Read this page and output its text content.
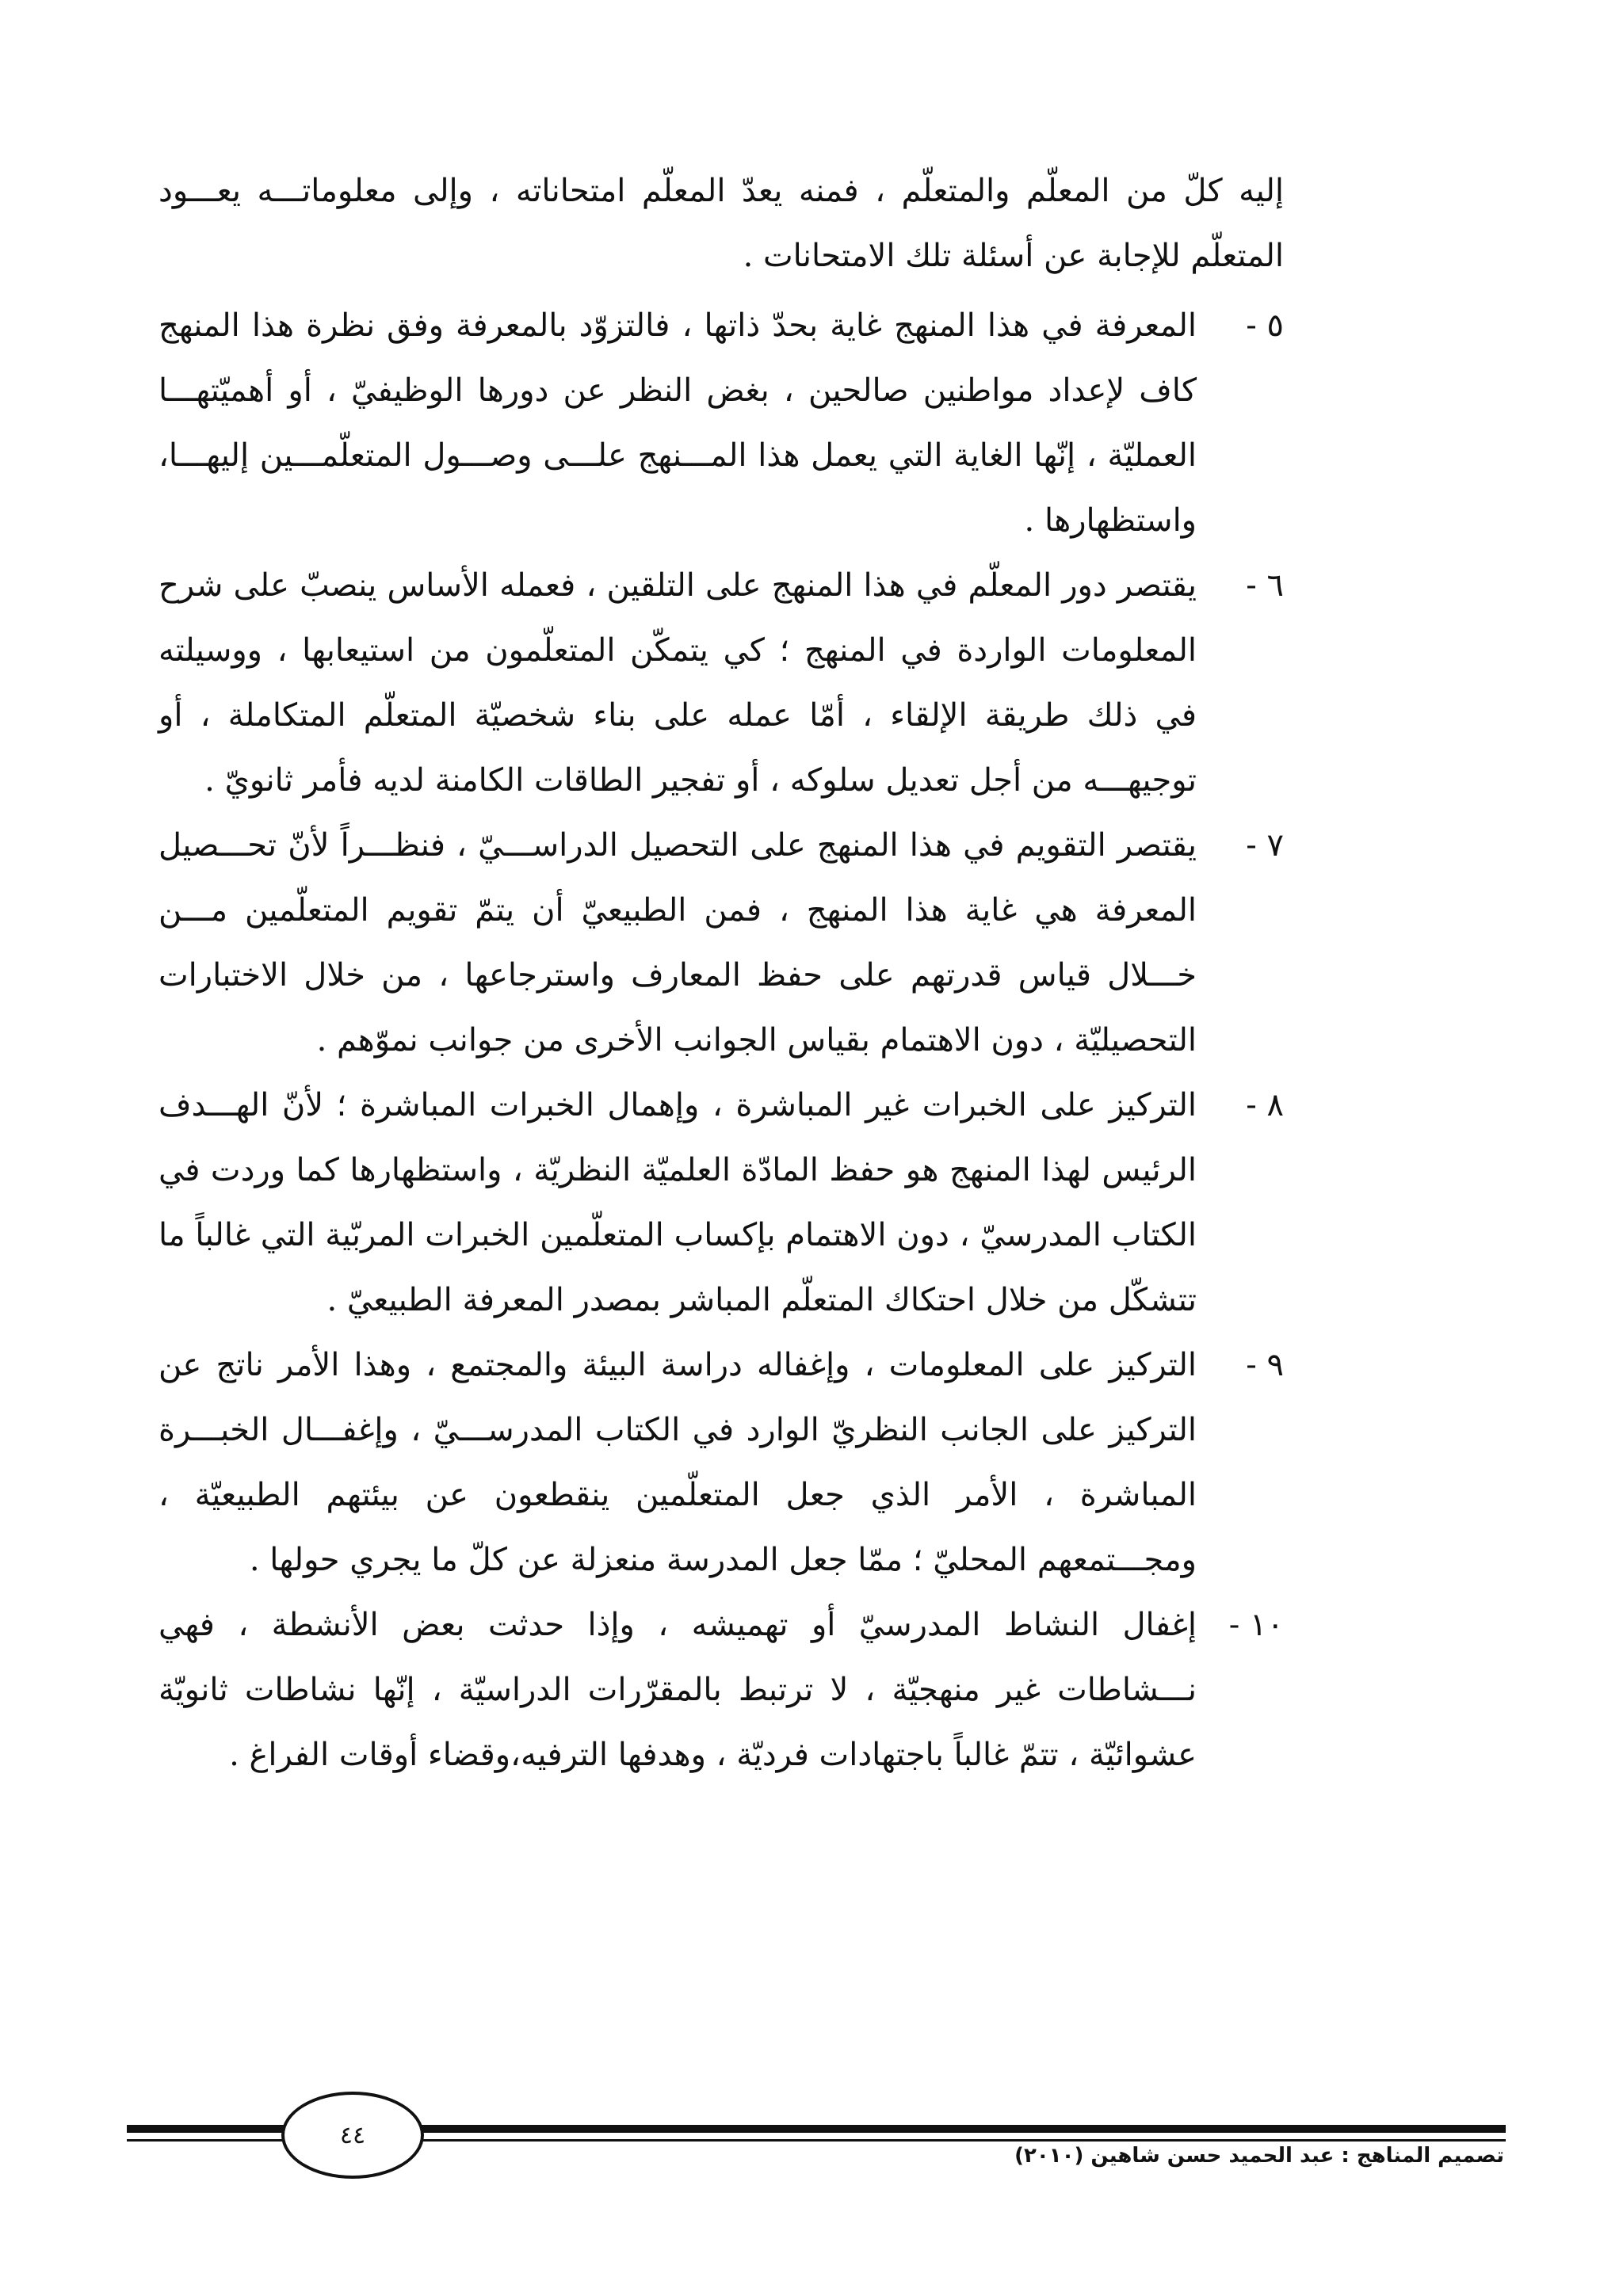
إليه كلّ من المعلّم والمتعلّم ، فمنه يعدّ المعلّم امتحاناته ، وإلى معلوماتـــه يعـــود المتعلّم للإجابة عن أسئلة تلك الامتحانات .

٥ -
المعرفة في هذا المنهج غاية بحدّ ذاتها ، فالتزوّد بالمعرفة وفق نظرة هذا المنهج كاف لإعداد مواطنين صالحين ، بغض النظر عن دورها الوظيفيّ ، أو أهميّتهـــا العمليّة ، إنّها الغاية التي يعمل هذا المـــنهج علـــى وصـــول المتعلّمـــين إليهـــا، واستظهارها .
٦ -
يقتصر دور المعلّم في هذا المنهج على التلقين ، فعمله الأساس ينصبّ على شرح المعلومات الواردة في المنهج ؛ كي يتمكّن المتعلّمون من استيعابها ، ووسيلته في ذلك طريقة الإلقاء ، أمّا عمله على بناء شخصيّة المتعلّم المتكاملة ، أو توجيهـــه من أجل تعديل سلوكه ، أو تفجير الطاقات الكامنة لديه فأمر ثانويّ .
٧ -
يقتصر التقويم في هذا المنهج على التحصيل الدراســـيّ ، فنظـــراً لأنّ تحـــصيل المعرفة هي غاية هذا المنهج ، فمن الطبيعيّ أن يتمّ تقويم المتعلّمين مـــن خـــلال قياس قدرتهم على حفظ المعارف واسترجاعها ، من خلال الاختبارات التحصيليّة ، دون الاهتمام بقياس الجوانب الأخرى من جوانب نموّهم .
٨ -
التركيز على الخبرات غير المباشرة ، وإهمال الخبرات المباشرة ؛ لأنّ الهـــدف الرئيس لهذا المنهج هو حفظ المادّة العلميّة النظريّة ، واستظهارها كما وردت في الكتاب المدرسيّ ، دون الاهتمام بإكساب المتعلّمين الخبرات المربّية التي غالباً ما تتشكّل من خلال احتكاك المتعلّم المباشر بمصدر المعرفة الطبيعيّ .
٩ -
التركيز على المعلومات ، وإغفاله دراسة البيئة والمجتمع ، وهذا الأمر ناتج عن التركيز على الجانب النظريّ الوارد في الكتاب المدرســـيّ ، وإغفـــال الخبـــرة المباشرة ، الأمر الذي جعل المتعلّمين ينقطعون عن بيئتهم الطبيعيّة ، ومجـــتمعهم المحليّ ؛ ممّا جعل المدرسة منعزلة عن كلّ ما يجري حولها .
١٠ -
إغفال النشاط المدرسيّ أو تهميشه ، وإذا حدثت بعض الأنشطة ، فهي نـــشاطات غير منهجيّة ، لا ترتبط بالمقرّرات الدراسيّة ، إنّها نشاطات ثانويّة عشوائيّة ، تتمّ غالباً باجتهادات فرديّة ، وهدفها الترفيه،وقضاء أوقات الفراغ .
٤٤
تصميم المناهج : عبد الحميد حسن شاهين (٢٠١٠)
